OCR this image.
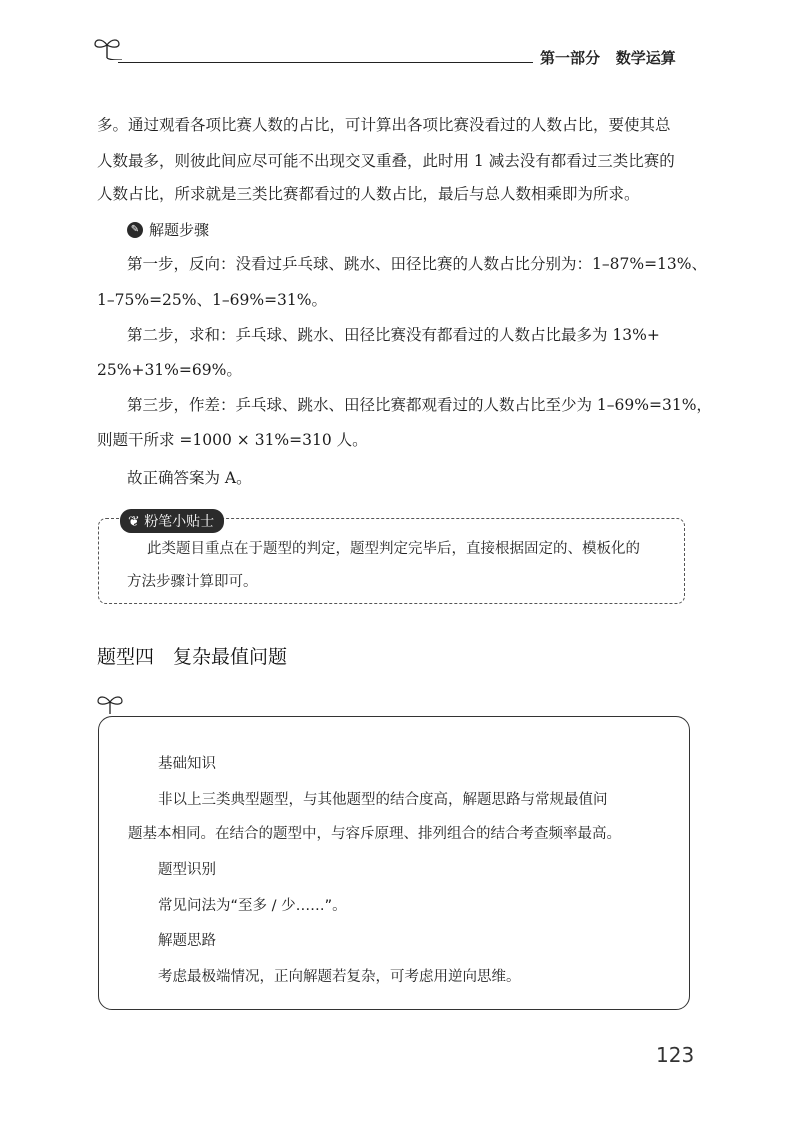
第一部分 数学运算
多。通过观看各项比赛人数的占比，可计算出各项比赛没看过的人数占比，要使其总
人数最多，则彼此间应尽可能不出现交叉重叠，此时用 1 减去没有都看过三类比赛的
人数占比，所求就是三类比赛都看过的人数占比，最后与总人数相乘即为所求。
✎ 解题步骤
第一步，反向：没看过乒乓球、跳水、田径比赛的人数占比分别为：1–87%=13%、
1–75%=25%、1–69%=31%。
第二步，求和：乒乓球、跳水、田径比赛没有都看过的人数占比最多为 13%+
25%+31%=69%。
第三步，作差：乒乓球、跳水、田径比赛都观看过的人数占比至少为 1–69%=31%，
则题干所求 =1000 × 31%=310 人。
故正确答案为 A。
❦ 粉笔小贴士
此类题目重点在于题型的判定，题型判定完毕后，直接根据固定的、模板化的
方法步骤计算即可。
题型四　复杂最值问题
基础知识
非以上三类典型题型，与其他题型的结合度高，解题思路与常规最值问
题基本相同。在结合的题型中，与容斥原理、排列组合的结合考查频率最高。
题型识别
常见问法为“至多 / 少……”。
解题思路
考虑最极端情况，正向解题若复杂，可考虑用逆向思维。
123
